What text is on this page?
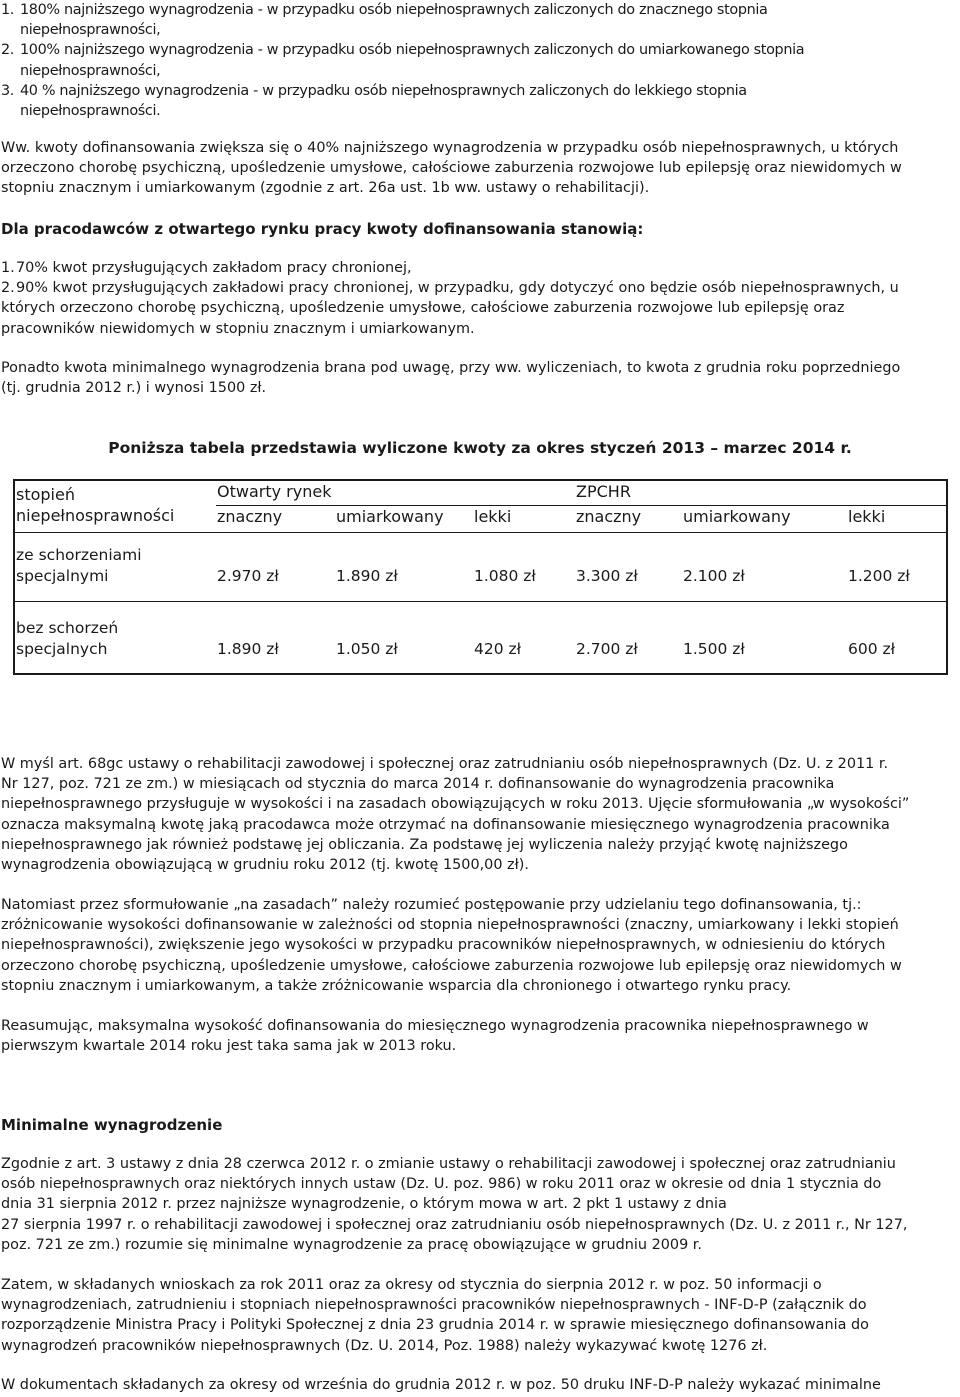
1. 180% najniższego wynagrodzenia - w przypadku osób niepełnosprawnych zaliczonych do znacznego stopnia
niepełnosprawności,
2. 100% najniższego wynagrodzenia - w przypadku osób niepełnosprawnych zaliczonych do umiarkowanego stopnia
niepełnosprawności,
3. 40 % najniższego wynagrodzenia - w przypadku osób niepełnosprawnych zaliczonych do lekkiego stopnia
niepełnosprawności.
Ww. kwoty dofinansowania zwiększa się o 40% najniższego wynagrodzenia w przypadku osób niepełnosprawnych, u których
orzeczono chorobę psychiczną, upośledzenie umysłowe, całościowe zaburzenia rozwojowe lub epilepsję oraz niewidomych w
stopniu znacznym i umiarkowanym (zgodnie z art. 26a ust. 1b ww. ustawy o rehabilitacji).
Dla pracodawców z otwartego rynku pracy kwoty dofinansowania stanowią:
1. 70% kwot przysługujących zakładom pracy chronionej,
2. 90% kwot przysługujących zakładowi pracy chronionej, w przypadku, gdy dotyczyć ono będzie osób niepełnosprawnych, u
których orzeczono chorobę psychiczną, upośledzenie umysłowe, całościowe zaburzenia rozwojowe lub epilepsję oraz
pracowników niewidomych w stopniu znacznym i umiarkowanym.
Ponadto kwota minimalnego wynagrodzenia brana pod uwagę, przy ww. wyliczeniach, to kwota z grudnia roku poprzedniego
(tj. grudnia 2012 r.) i wynosi 1500 zł.
Poniższa tabela przedstawia wyliczone kwoty za okres styczeń 2013 – marzec 2014 r.
stopień
niepełnosprawności
Otwarty rynek	ZPCHR
znaczny	umiarkowany lekki	znaczny	umiarkowany	lekki
ze schorzeniami
specjalnymi	2.970 zł	1.890 zł	1.080 zł	3.300 zł	2.100 zł	1.200 zł
bez schorzeń
specjalnych	1.890 zł	1.050 zł	420 zł	2.700 zł	1.500 zł	600 zł
W myśl art. 68gc ustawy o rehabilitacji zawodowej i społecznej oraz zatrudnianiu osób niepełnosprawnych (Dz. U. z 2011 r.
Nr 127, poz. 721 ze zm.) w miesiącach od stycznia do marca 2014 r. dofinansowanie do wynagrodzenia pracownika
niepełnosprawnego przysługuje w wysokości i na zasadach obowiązujących w roku 2013. Ujęcie sformułowania „w wysokości”
oznacza maksymalną kwotę jaką pracodawca może otrzymać na dofinansowanie miesięcznego wynagrodzenia pracownika
niepełnosprawnego jak również podstawę jej obliczania. Za podstawę jej wyliczenia należy przyjąć kwotę najniższego
wynagrodzenia obowiązującą w grudniu roku 2012 (tj. kwotę 1500,00 zł).
Natomiast przez sformułowanie „na zasadach” należy rozumieć postępowanie przy udzielaniu tego dofinansowania, tj.:
zróżnicowanie wysokości dofinansowanie w zależności od stopnia niepełnosprawności (znaczny, umiarkowany i lekki stopień
niepełnosprawności), zwiększenie jego wysokości w przypadku pracowników niepełnosprawnych, w odniesieniu do których
orzeczono chorobę psychiczną, upośledzenie umysłowe, całościowe zaburzenia rozwojowe lub epilepsję oraz niewidomych w
stopniu znacznym i umiarkowanym, a także zróżnicowanie wsparcia dla chronionego i otwartego rynku pracy.
Reasumując, maksymalna wysokość dofinansowania do miesięcznego wynagrodzenia pracownika niepełnosprawnego w
pierwszym kwartale 2014 roku jest taka sama jak w 2013 roku.
Minimalne wynagrodzenie
Zgodnie z art. 3 ustawy z dnia 28 czerwca 2012 r. o zmianie ustawy o rehabilitacji zawodowej i społecznej oraz zatrudnianiu
osób niepełnosprawnych oraz niektórych innych ustaw (Dz. U. poz. 986) w roku 2011 oraz w okresie od dnia 1 stycznia do
dnia 31 sierpnia 2012 r. przez najniższe wynagrodzenie, o którym mowa w art. 2 pkt 1 ustawy z dnia
27 sierpnia 1997 r. o rehabilitacji zawodowej i społecznej oraz zatrudnianiu osób niepełnosprawnych (Dz. U. z 2011 r., Nr 127,
poz. 721 ze zm.) rozumie się minimalne wynagrodzenie za pracę obowiązujące w grudniu 2009 r.
Zatem, w składanych wnioskach za rok 2011 oraz za okresy od stycznia do sierpnia 2012 r. w poz. 50 informacji o
wynagrodzeniach, zatrudnieniu i stopniach niepełnosprawności pracowników niepełnosprawnych - INF-D-P (załącznik do
rozporządzenie Ministra Pracy i Polityki Społecznej z dnia 23 grudnia 2014 r. w sprawie miesięcznego dofinansowania do
wynagrodzeń pracowników niepełnosprawnych (Dz. U. 2014, Poz. 1988) należy wykazywać kwotę 1276 zł.
W dokumentach składanych za okresy od września do grudnia 2012 r. w poz. 50 druku INF-D-P należy wykazać minimalne
